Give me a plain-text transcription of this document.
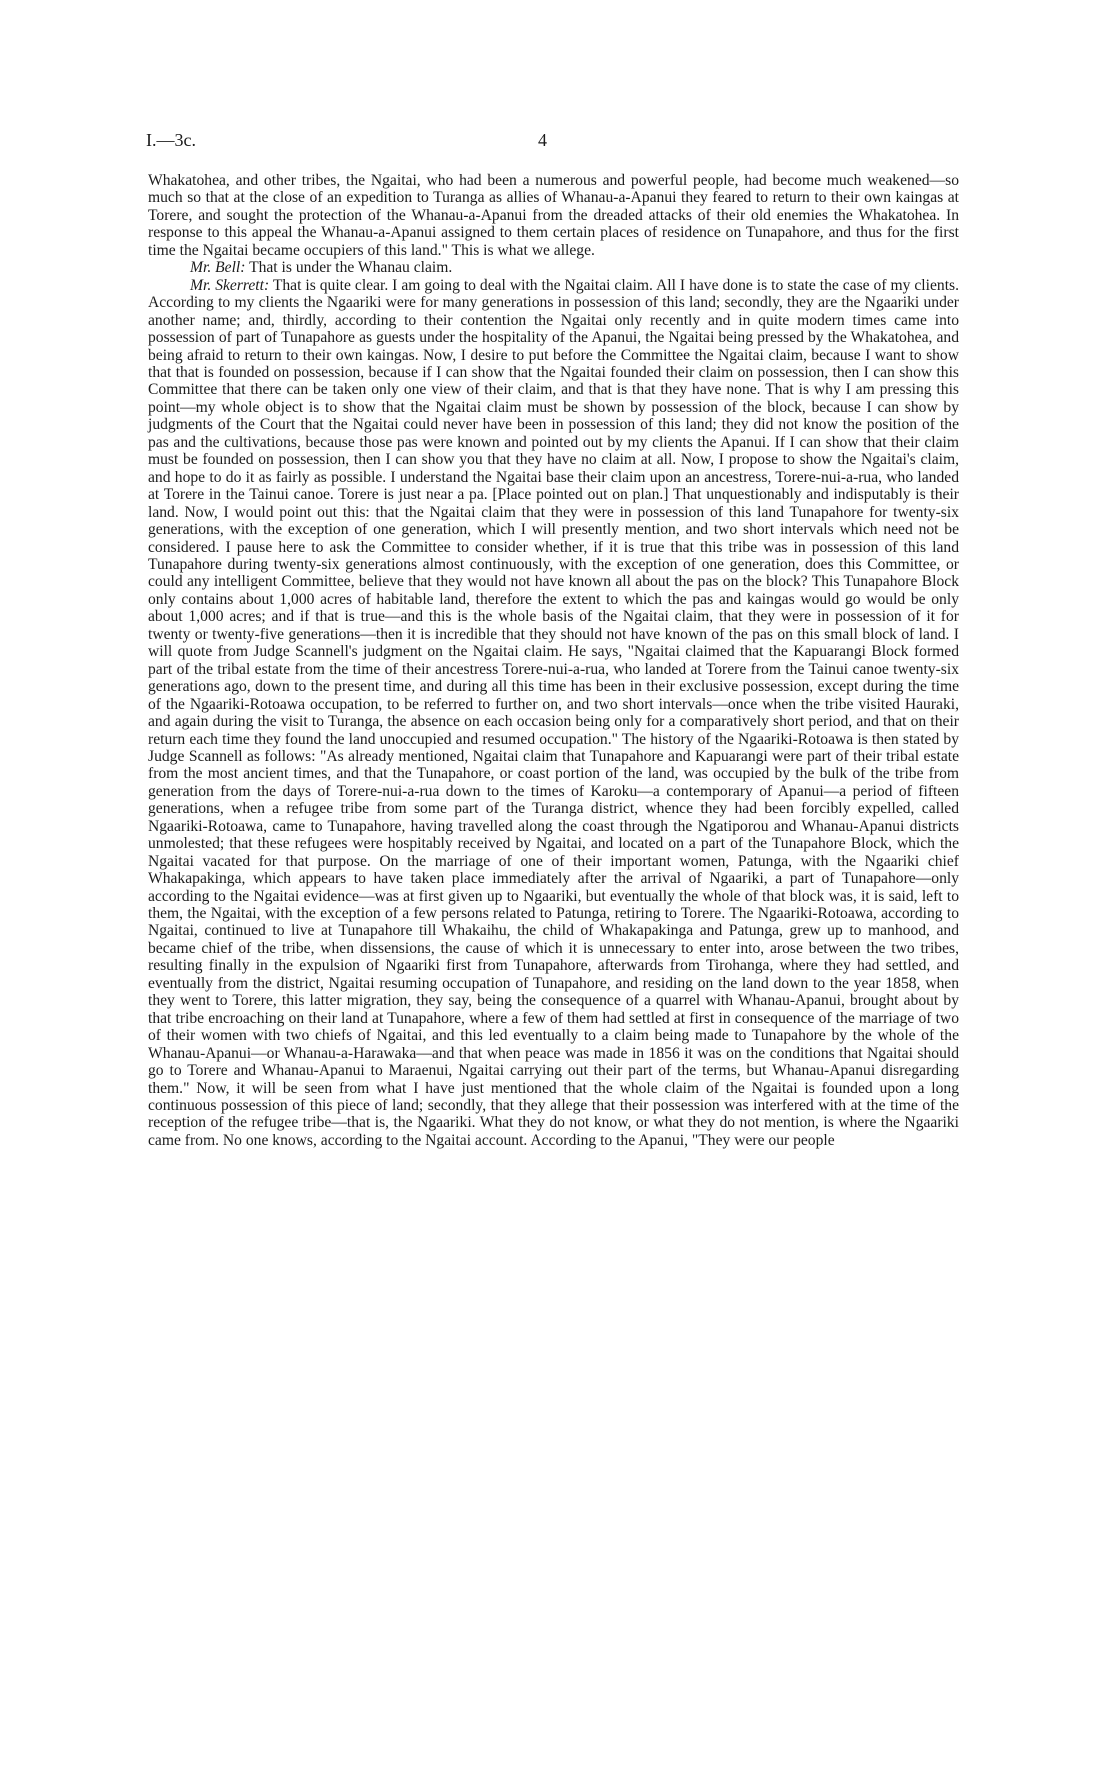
I.—3c.	4

Whakatohea, and other tribes, the Ngaitai, who had been a numerous and powerful people, had become much weakened—so much so that at the close of an expedition to Turanga as allies of Whanau-a-Apanui they feared to return to their own kaingas at Torere, and sought the protection of the Whanau-a-Apanui from the dreaded attacks of their old enemies the Whakatohea. In response to this appeal the Whanau-a-Apanui assigned to them certain places of residence on Tunapahore, and thus for the first time the Ngaitai became occupiers of this land." This is what we allege.

Mr. Bell: That is under the Whanau claim.

Mr. Skerrett: That is quite clear. I am going to deal with the Ngaitai claim. All I have done is to state the case of my clients. According to my clients the Ngaariki were for many generations in possession of this land; secondly, they are the Ngaariki under another name; and, thirdly, according to their contention the Ngaitai only recently and in quite modern times came into possession of part of Tunapahore as guests under the hospitality of the Apanui, the Ngaitai being pressed by the Whakatohea, and being afraid to return to their own kaingas. Now, I desire to put before the Committee the Ngaitai claim, because I want to show that that is founded on possession, because if I can show that the Ngaitai founded their claim on possession, then I can show this Committee that there can be taken only one view of their claim, and that is that they have none. That is why I am pressing this point—my whole object is to show that the Ngaitai claim must be shown by possession of the block, because I can show by judgments of the Court that the Ngaitai could never have been in possession of this land; they did not know the position of the pas and the cultivations, because those pas were known and pointed out by my clients the Apanui. If I can show that their claim must be founded on possession, then I can show you that they have no claim at all. Now, I propose to show the Ngaitai's claim, and hope to do it as fairly as possible. I understand the Ngaitai base their claim upon an ancestress, Torere-nui-a-rua, who landed at Torere in the Tainui canoe. Torere is just near a pa. [Place pointed out on plan.] That unquestionably and indisputably is their land. Now, I would point out this: that the Ngaitai claim that they were in possession of this land Tunapahore for twenty-six generations, with the exception of one generation, which I will presently mention, and two short intervals which need not be considered. I pause here to ask the Committee to consider whether, if it is true that this tribe was in possession of this land Tunapahore during twenty-six generations almost continuously, with the exception of one generation, does this Committee, or could any intelligent Committee, believe that they would not have known all about the pas on the block? This Tunapahore Block only contains about 1,000 acres of habitable land, therefore the extent to which the pas and kaingas would go would be only about 1,000 acres; and if that is true—and this is the whole basis of the Ngaitai claim, that they were in possession of it for twenty or twenty-five generations—then it is incredible that they should not have known of the pas on this small block of land. I will quote from Judge Scannell's judgment on the Ngaitai claim. He says, "Ngaitai claimed that the Kapuarangi Block formed part of the tribal estate from the time of their ancestress Torere-nui-a-rua, who landed at Torere from the Tainui canoe twenty-six generations ago, down to the present time, and during all this time has been in their exclusive possession, except during the time of the Ngaariki-Rotoawa occupation, to be referred to further on, and two short intervals—once when the tribe visited Hauraki, and again during the visit to Turanga, the absence on each occasion being only for a comparatively short period, and that on their return each time they found the land unoccupied and resumed occupation." The history of the Ngaariki-Rotoawa is then stated by Judge Scannell as follows: "As already mentioned, Ngaitai claim that Tunapahore and Kapuarangi were part of their tribal estate from the most ancient times, and that the Tunapahore, or coast portion of the land, was occupied by the bulk of the tribe from generation from the days of Torere-nui-a-rua down to the times of Karoku—a contemporary of Apanui—a period of fifteen generations, when a refugee tribe from some part of the Turanga district, whence they had been forcibly expelled, called Ngaariki-Rotoawa, came to Tunapahore, having travelled along the coast through the Ngatiporou and Whanau-Apanui districts unmolested; that these refugees were hospitably received by Ngaitai, and located on a part of the Tunapahore Block, which the Ngaitai vacated for that purpose. On the marriage of one of their important women, Patunga, with the Ngaariki chief Whakapakinga, which appears to have taken place immediately after the arrival of Ngaariki, a part of Tunapahore—only according to the Ngaitai evidence—was at first given up to Ngaariki, but eventually the whole of that block was, it is said, left to them, the Ngaitai, with the exception of a few persons related to Patunga, retiring to Torere. The Ngaariki-Rotoawa, according to Ngaitai, continued to live at Tunapahore till Whakaihu, the child of Whakapakinga and Patunga, grew up to manhood, and became chief of the tribe, when dissensions, the cause of which it is unnecessary to enter into, arose between the two tribes, resulting finally in the expulsion of Ngaariki first from Tunapahore, afterwards from Tirohanga, where they had settled, and eventually from the district, Ngaitai resuming occupation of Tunapahore, and residing on the land down to the year 1858, when they went to Torere, this latter migration, they say, being the consequence of a quarrel with Whanau-Apanui, brought about by that tribe encroaching on their land at Tunapahore, where a few of them had settled at first in consequence of the marriage of two of their women with two chiefs of Ngaitai, and this led eventually to a claim being made to Tunapahore by the whole of the Whanau-Apanui—or Whanau-a-Harawaka—and that when peace was made in 1856 it was on the conditions that Ngaitai should go to Torere and Whanau-Apanui to Maraenui, Ngaitai carrying out their part of the terms, but Whanau-Apanui disregarding them." Now, it will be seen from what I have just mentioned that the whole claim of the Ngaitai is founded upon a long continuous possession of this piece of land; secondly, that they allege that their possession was interfered with at the time of the reception of the refugee tribe—that is, the Ngaariki. What they do not know, or what they do not mention, is where the Ngaariki came from. No one knows, according to the Ngaitai account. According to the Apanui, "They were our people
